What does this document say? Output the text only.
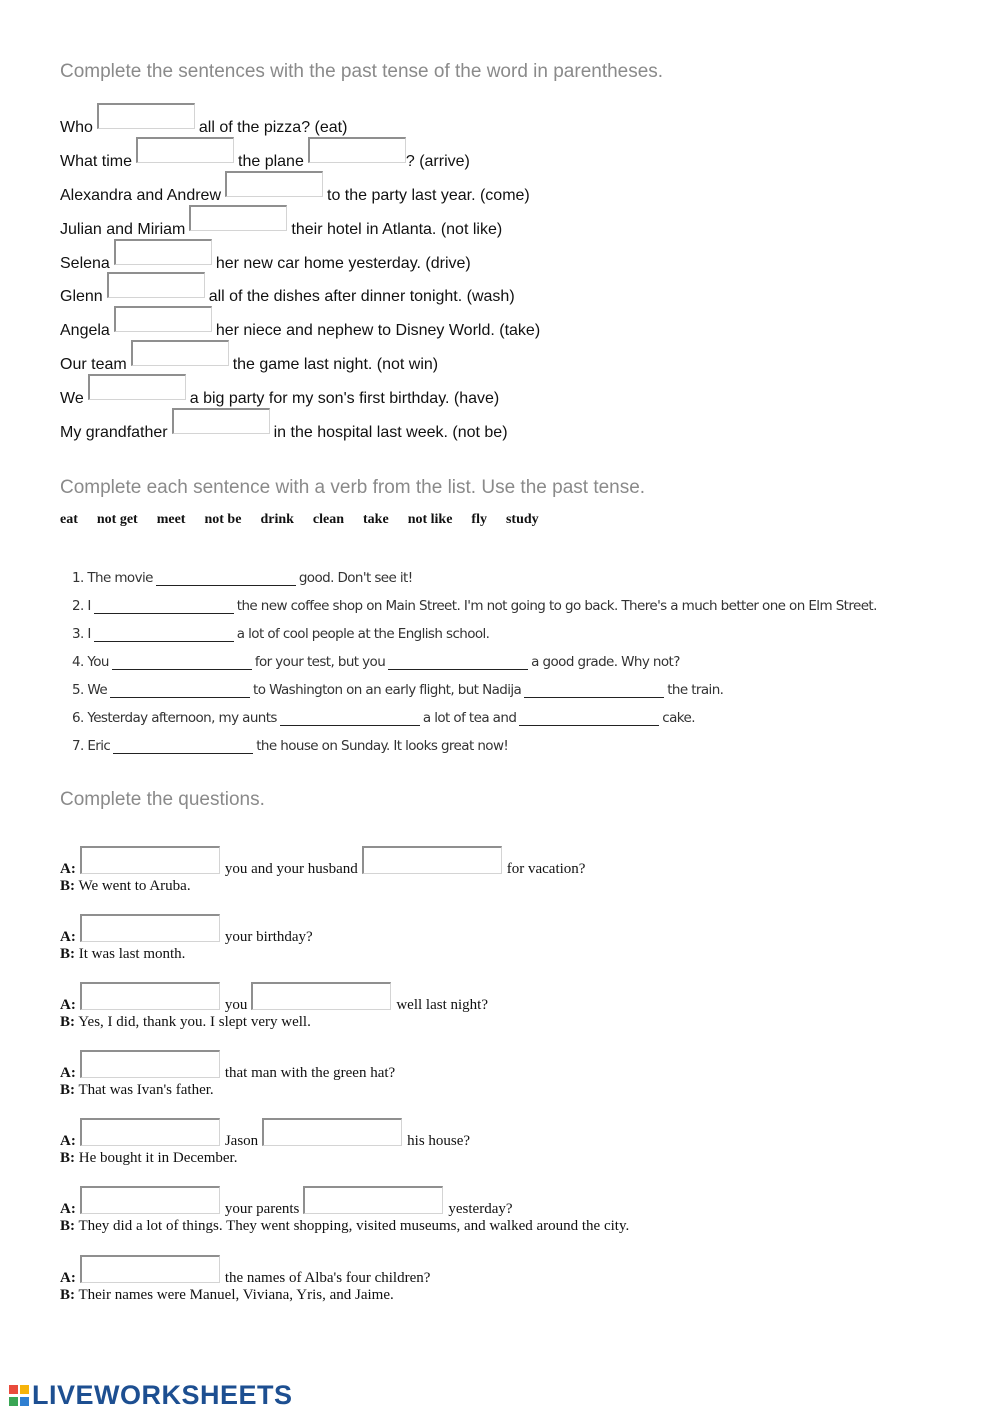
Complete the sentences with the past tense of the word in parentheses.
Who	all of the pizza? (eat)
What time	the plane	? (arrive)
Alexandra and Andrew	to the party last year. (come)
Julian and Miriam	their hotel in Atlanta. (not like)
Selena	her new car home yesterday. (drive)
Glenn	all of the dishes after dinner tonight. (wash)
Angela	her niece and nephew to Disney World. (take)
Our team	the game last night. (not win)
We	a big party for my son's first birthday. (have)
My grandfather	in the hospital last week. (not be)
Complete each sentence with a verb from the list. Use the past tense.
eat not get meet not be drink clean take not like fly study
1. The movie	good. Don't see it!
2. I	the new coffee shop on Main Street. I'm not going to go back. There's a much better one on Elm Street.
3. I	a lot of cool people at the English school.
4. You	for your test, but you	a good grade. Why not?
5. We	to Washington on an early flight, but Nadija	the train.
6. Yesterday afternoon, my aunts	a lot of tea and	cake.
7. Eric	the house on Sunday. It looks great now!
Complete the questions.
A:	you and your husband	for vacation?
B: We went to Aruba.
A:	your birthday?
B: It was last month.
A:	you	well last night?
B: Yes, I did, thank you. I slept very well.
A:	that man with the green hat?
B: That was Ivan's father.
A:	Jason	his house?
B: He bought it in December.
A:	your parents	yesterday?
B: They did a lot of things. They went shopping, visited museums, and walked around the city.
A:	the names of Alba's four children?
B: Their names were Manuel, Viviana, Yris, and Jaime.
LIVEWORKSHEETS
